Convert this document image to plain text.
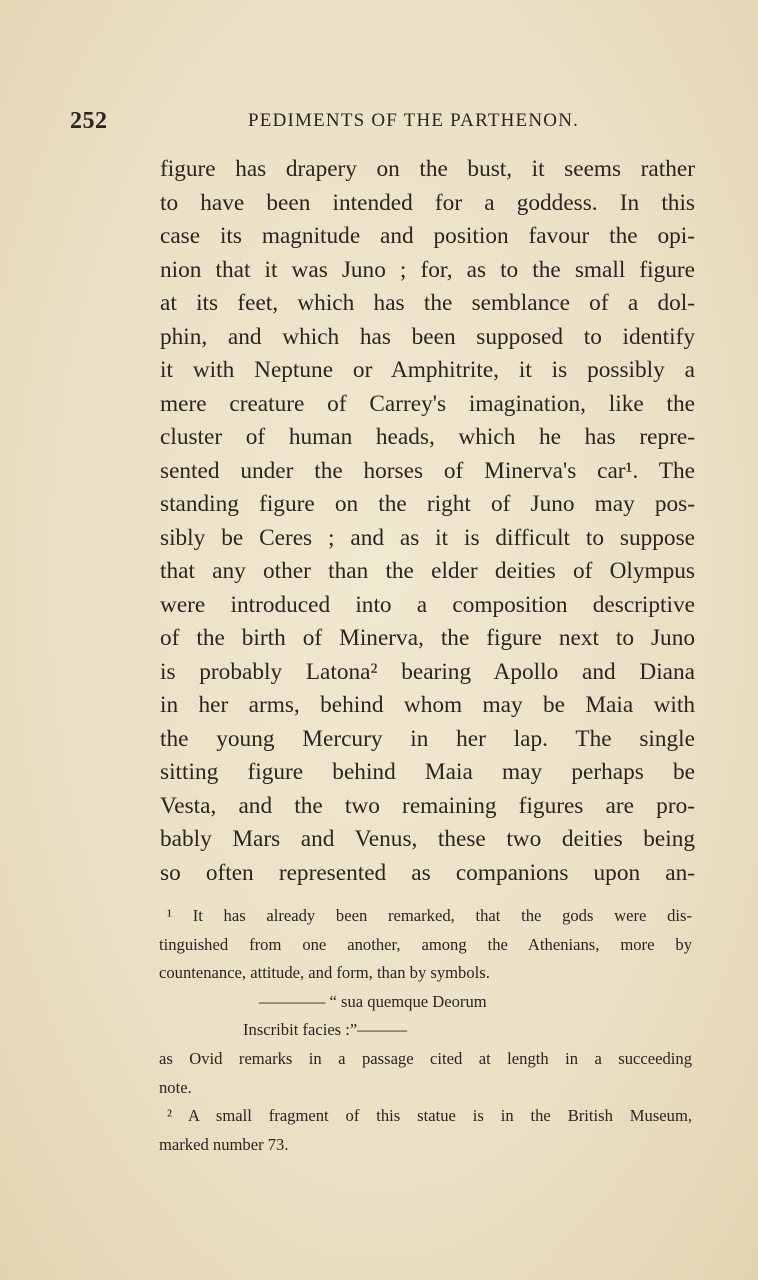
252	PEDIMENTS OF THE PARTHENON.
figure has drapery on the bust, it seems rather
to have been intended for a goddess. In this
case its magnitude and position favour the opi-
nion that it was Juno ; for, as to the small figure
at its feet, which has the semblance of a dol-
phin, and which has been supposed to identify
it with Neptune or Amphitrite, it is possibly a
mere creature of Carrey's imagination, like the
cluster of human heads, which he has repre-
sented under the horses of Minerva's car¹. The
standing figure on the right of Juno may pos-
sibly be Ceres ; and as it is difficult to suppose
that any other than the elder deities of Olympus
were introduced into a composition descriptive
of the birth of Minerva, the figure next to Juno
is probably Latona² bearing Apollo and Diana
in her arms, behind whom may be Maia with
the young Mercury in her lap. The single
sitting figure behind Maia may perhaps be
Vesta, and the two remaining figures are pro-
bably Mars and Venus, these two deities being
so often represented as companions upon an-
¹ It has already been remarked, that the gods were dis-
tinguished from one another, among the Athenians, more by
countenance, attitude, and form, than by symbols.
———— “ sua quemque Deorum
Inscribit facies :”———
as Ovid remarks in a passage cited at length in a succeeding
note.
² A small fragment of this statue is in the British Museum,
marked number 73.
